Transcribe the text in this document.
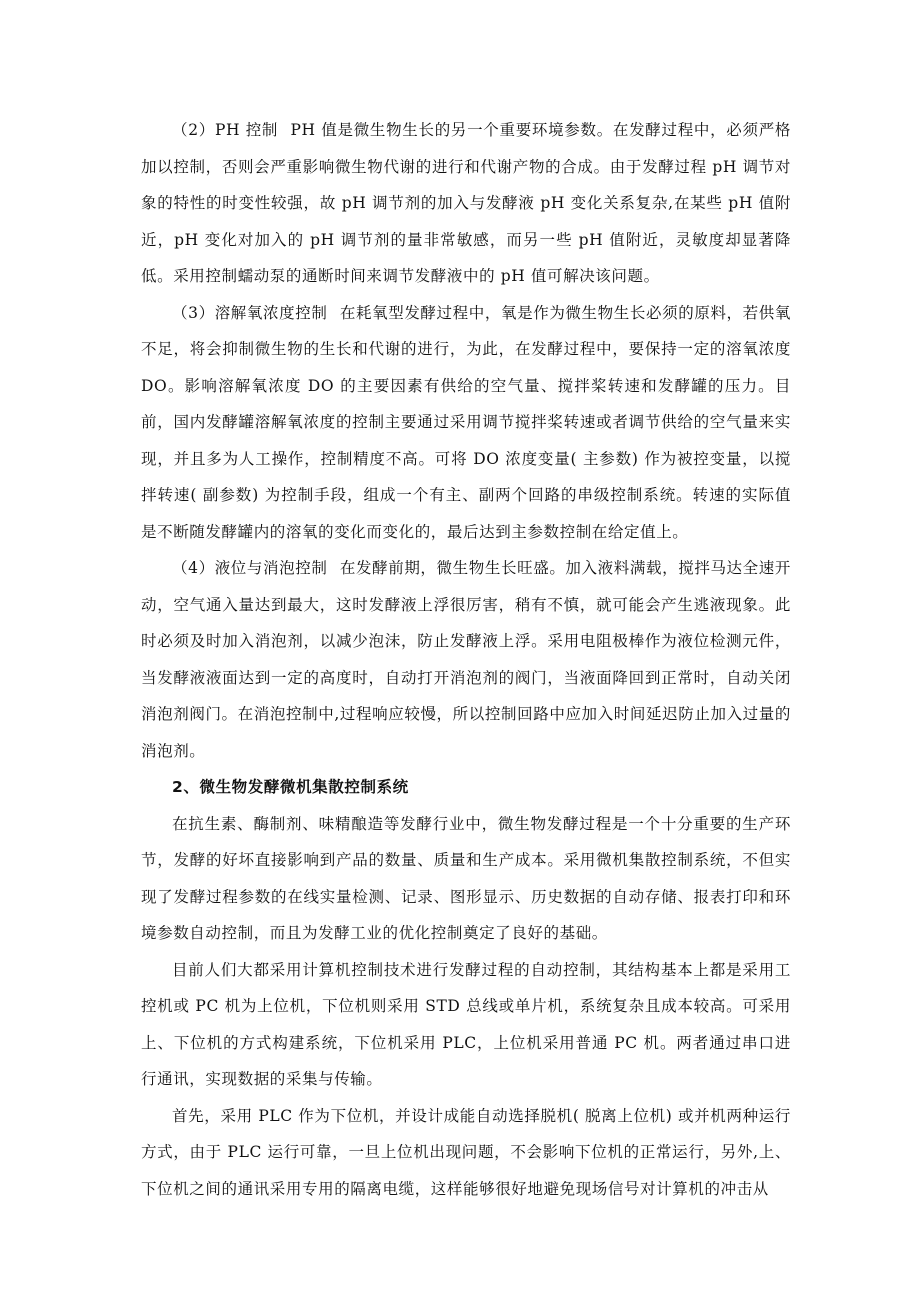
（2）PH 控制 PH 值是微生物生长的另一个重要环境参数。在发酵过程中，必须严格加以控制，否则会严重影响微生物代谢的进行和代谢产物的合成。由于发酵过程 pH 调节对象的特性的时变性较强，故 pH 调节剂的加入与发酵液 pH 变化关系复杂,在某些 pH 值附近，pH 变化对加入的 pH 调节剂的量非常敏感，而另一些 pH 值附近，灵敏度却显著降低。采用控制蠕动泵的通断时间来调节发酵液中的 pH 值可解决该问题。

（3）溶解氧浓度控制 在耗氧型发酵过程中，氧是作为微生物生长必须的原料，若供氧不足，将会抑制微生物的生长和代谢的进行，为此，在发酵过程中，要保持一定的溶氧浓度 DO。影响溶解氧浓度 DO 的主要因素有供给的空气量、搅拌桨转速和发酵罐的压力。目前，国内发酵罐溶解氧浓度的控制主要通过采用调节搅拌桨转速或者调节供给的空气量来实现，并且多为人工操作，控制精度不高。可将 DO 浓度变量( 主参数) 作为被控变量，以搅拌转速( 副参数) 为控制手段，组成一个有主、副两个回路的串级控制系统。转速的实际值是不断随发酵罐内的溶氧的变化而变化的，最后达到主参数控制在给定值上。

（4）液位与消泡控制 在发酵前期，微生物生长旺盛。加入液料满载，搅拌马达全速开动，空气通入量达到最大，这时发酵液上浮很厉害，稍有不慎，就可能会产生逃液现象。此时必须及时加入消泡剂，以减少泡沫，防止发酵液上浮。采用电阻极棒作为液位检测元件，当发酵液液面达到一定的高度时，自动打开消泡剂的阀门，当液面降回到正常时，自动关闭消泡剂阀门。在消泡控制中,过程响应较慢，所以控制回路中应加入时间延迟防止加入过量的消泡剂。

2、微生物发酵微机集散控制系统

在抗生素、酶制剂、味精酿造等发酵行业中，微生物发酵过程是一个十分重要的生产环节，发酵的好坏直接影响到产品的数量、质量和生产成本。采用微机集散控制系统，不但实现了发酵过程参数的在线实量检测、记录、图形显示、历史数据的自动存储、报表打印和环境参数自动控制，而且为发酵工业的优化控制奠定了良好的基础。

目前人们大都采用计算机控制技术进行发酵过程的自动控制，其结构基本上都是采用工控机或 PC 机为上位机，下位机则采用 STD 总线或单片机，系统复杂且成本较高。可采用上、下位机的方式构建系统，下位机采用 PLC，上位机采用普通 PC 机。两者通过串口进行通讯，实现数据的采集与传输。

首先，采用 PLC 作为下位机，并设计成能自动选择脱机( 脱离上位机) 或并机两种运行方式，由于 PLC 运行可靠，一旦上位机出现问题，不会影响下位机的正常运行，另外,上、下位机之间的通讯采用专用的隔离电缆，这样能够很好地避免现场信号对计算机的冲击从
